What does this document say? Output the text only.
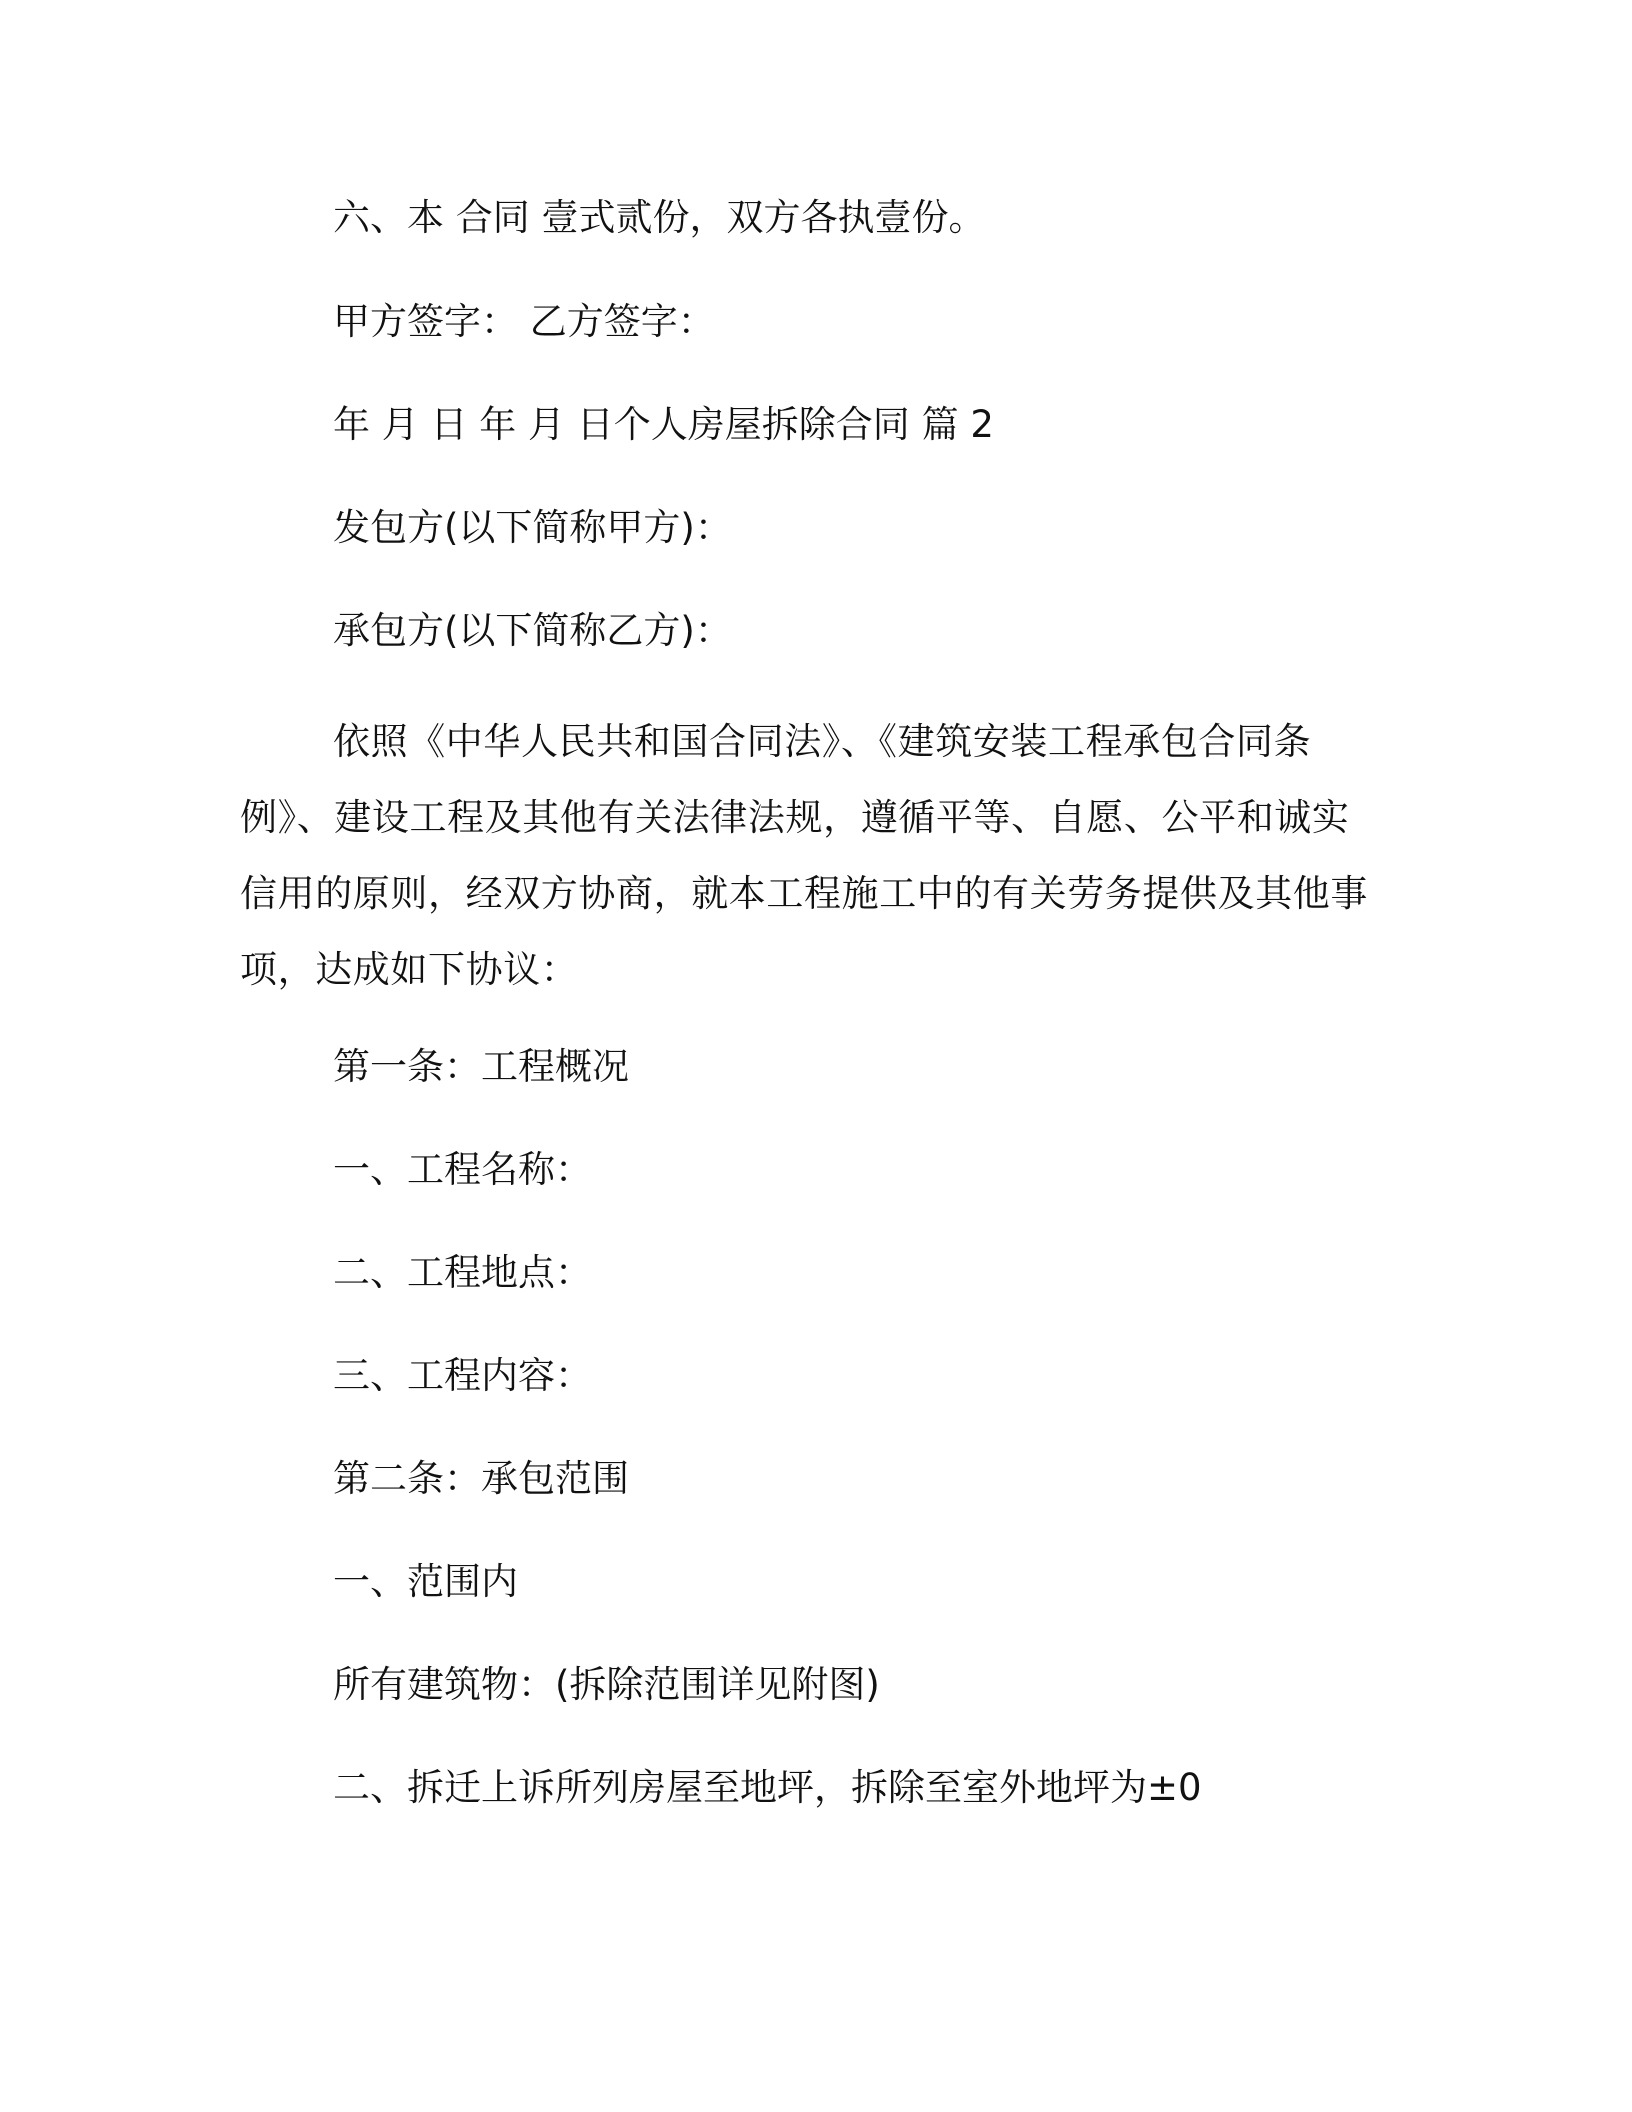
六、本 合同 壹式贰份，双方各执壹份。
甲方签字： 乙方签字：
年 月 日 年 月 日个人房屋拆除合同 篇 2
发包方(以下简称甲方)：
承包方(以下简称乙方)：
依照《中华人民共和国合同法》、《建筑安装工程承包合同条例》、建设工程及其他有关法律法规，遵循平等、自愿、公平和诚实信用的原则，经双方协商，就本工程施工中的有关劳务提供及其他事项，达成如下协议：
第一条：工程概况
一、工程名称：
二、工程地点：
三、工程内容：
第二条：承包范围
一、范围内
所有建筑物：(拆除范围详见附图)
二、拆迁上诉所列房屋至地坪，拆除至室外地坪为±0
